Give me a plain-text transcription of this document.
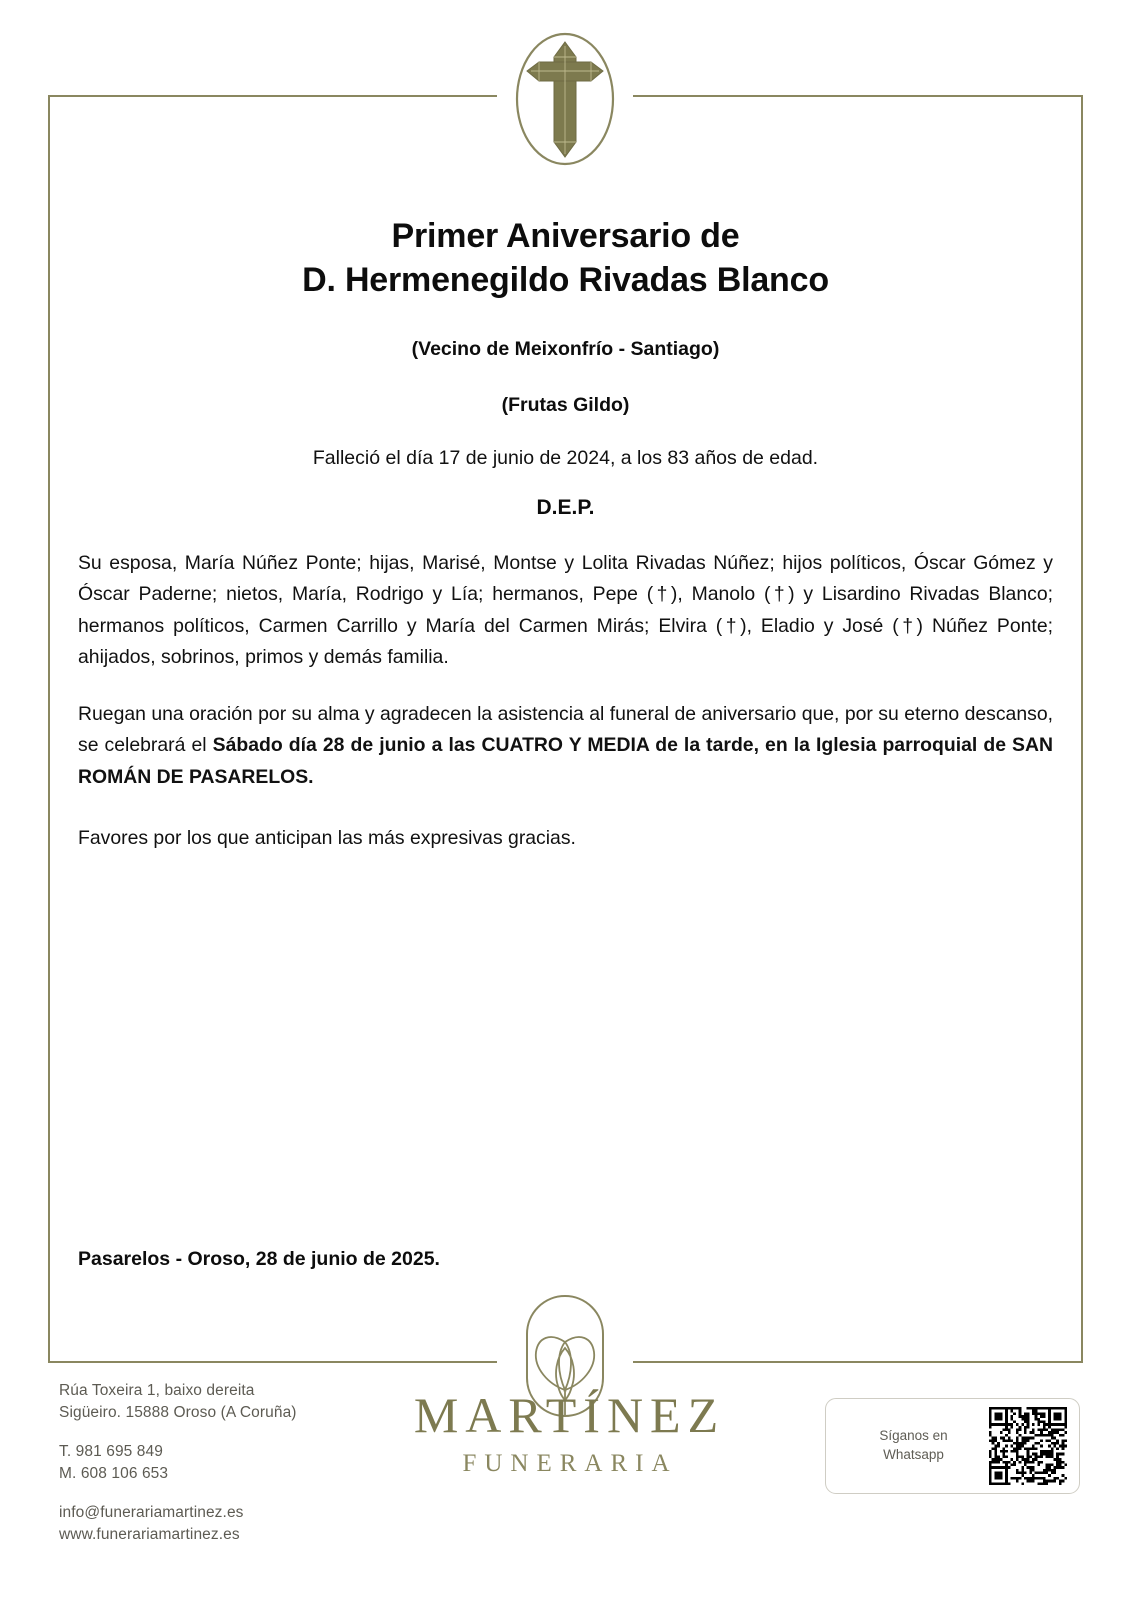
Primer Aniversario de
D. Hermenegildo Rivadas Blanco
(Vecino de Meixonfrío - Santiago)
(Frutas Gildo)
Falleció el día 17 de junio de 2024, a los 83 años de edad.
D.E.P.

Su esposa, María Núñez Ponte; hijas, Marisé, Montse y Lolita Rivadas Núñez; hijos políticos, Óscar Gómez y Óscar Paderne; nietos, María, Rodrigo y Lía; hermanos, Pepe (†), Manolo (†) y Lisardino Rivadas Blanco; hermanos políticos, Carmen Carrillo y María del Carmen Mirás; Elvira (†), Eladio y José (†) Núñez Ponte; ahijados, sobrinos, primos y demás familia.

Ruegan una oración por su alma y agradecen la asistencia al funeral de aniversario que, por su eterno descanso, se celebrará el Sábado día 28 de junio a las CUATRO Y MEDIA de la tarde, en la Iglesia parroquial de SAN ROMÁN DE PASARELOS.

Favores por los que anticipan las más expresivas gracias.

Pasarelos - Oroso, 28 de junio de 2025.
Rúa Toxeira 1, baixo dereita
Sigüeiro. 15888 Oroso (A Coruña)
T. 981 695 849
M. 608 106 653
info@funerariamartinez.es
www.funerariamartinez.es
MARTÍNEZ
FUNERARIA
Síganos en
Whatsapp
